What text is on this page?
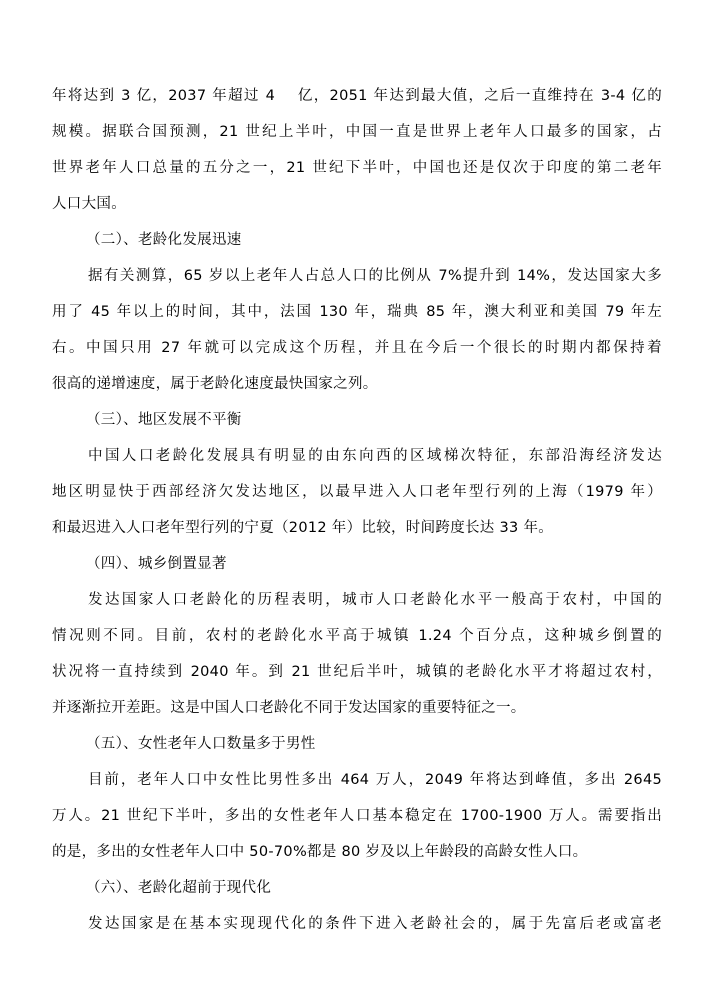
年将达到 3 亿，2037 年超过 4　 亿，2051 年达到最大值，之后一直维持在 3-4 亿的
规模。据联合国预测，21 世纪上半叶，中国一直是世界上老年人口最多的国家，占
世界老年人口总量的五分之一，21 世纪下半叶，中国也还是仅次于印度的第二老年
人口大国。
（二）、老龄化发展迅速
据有关测算，65 岁以上老年人占总人口的比例从 7%提升到 14%，发达国家大多
用了 45 年以上的时间，其中，法国 130 年，瑞典 85 年，澳大利亚和美国 79 年左
右。中国只用 27 年就可以完成这个历程，并且在今后一个很长的时期内都保持着
很高的递增速度，属于老龄化速度最快国家之列。
（三）、地区发展不平衡
中国人口老龄化发展具有明显的由东向西的区域梯次特征，东部沿海经济发达
地区明显快于西部经济欠发达地区，以最早进入人口老年型行列的上海（1979 年）
和最迟进入人口老年型行列的宁夏（2012 年）比较，时间跨度长达 33 年。
（四）、城乡倒置显著
发达国家人口老龄化的历程表明，城市人口老龄化水平一般高于农村，中国的
情况则不同。目前，农村的老龄化水平高于城镇 1.24 个百分点，这种城乡倒置的
状况将一直持续到 2040 年。到 21 世纪后半叶，城镇的老龄化水平才将超过农村，
并逐渐拉开差距。这是中国人口老龄化不同于发达国家的重要特征之一。
（五）、女性老年人口数量多于男性
目前，老年人口中女性比男性多出 464 万人，2049 年将达到峰值，多出 2645
万人。21 世纪下半叶，多出的女性老年人口基本稳定在 1700-1900 万人。需要指出
的是，多出的女性老年人口中 50-70%都是 80 岁及以上年龄段的高龄女性人口。
（六）、老龄化超前于现代化
发达国家是在基本实现现代化的条件下进入老龄社会的，属于先富后老或富老
